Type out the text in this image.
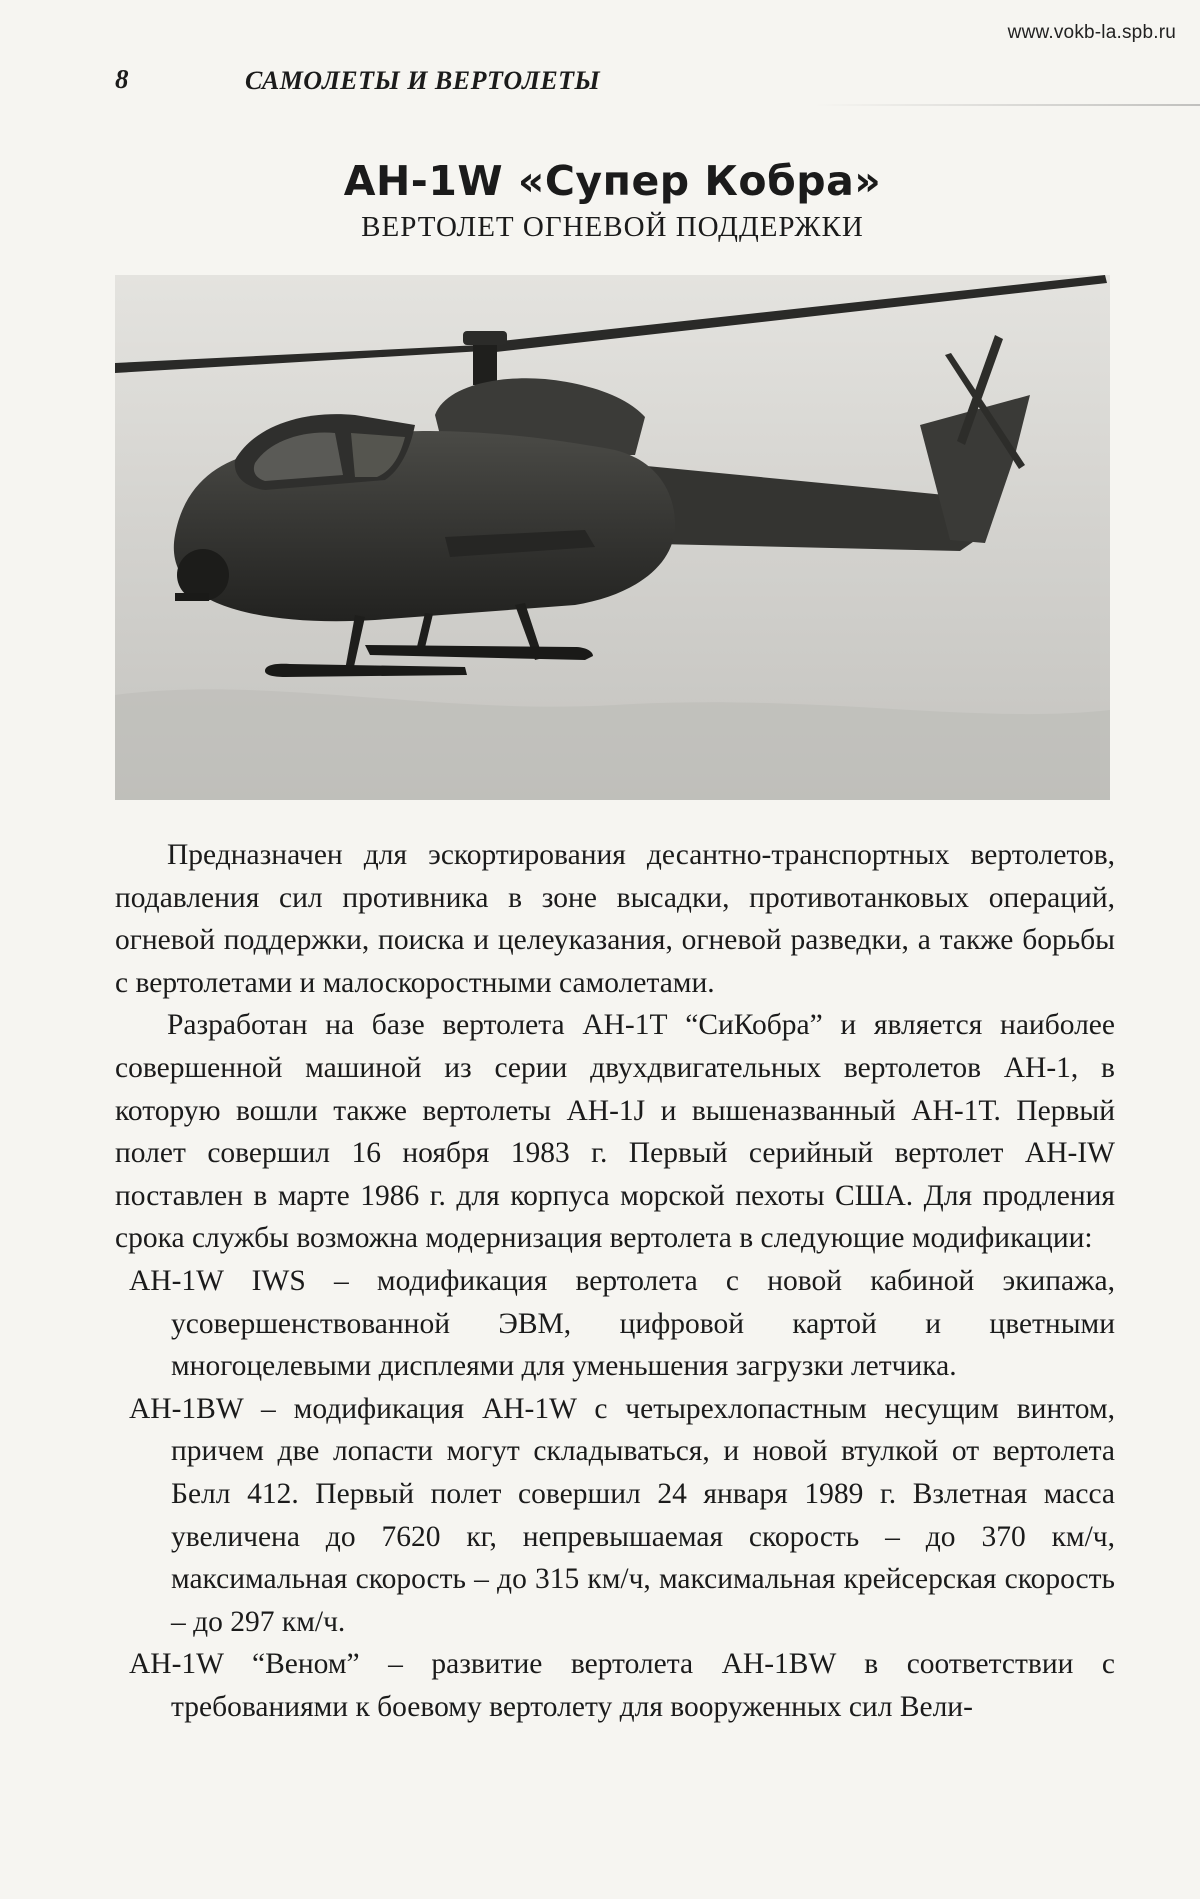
www.vokb-la.spb.ru
8	САМОЛЕТЫ И ВЕРТОЛЕТЫ
АН-1W «Супер Кобра»
ВЕРТОЛЕТ ОГНЕВОЙ ПОДДЕРЖКИ

Предназначен для эскортирования десантно-транспортных вертолетов, подавления сил противника в зоне высадки, противотанковых операций, огневой поддержки, поиска и целеуказания, огневой разведки, а также борьбы с вертолетами и малоскоростными самолетами.

Разработан на базе вертолета АН-1Т “СиКобра” и является наиболее совершенной машиной из серии двухдвигательных вертолетов АН-1, в которую вошли также вертолеты АН-1J и вышеназванный АН-1Т. Первый полет совершил 16 ноября 1983 г. Первый серийный вертолет AH-IW поставлен в марте 1986 г. для корпуса морской пехоты США. Для продления срока службы возможна модернизация вертолета в следующие модификации:

АН-1W IWS – модификация вертолета с новой кабиной экипажа, усовершенствованной ЭВМ, цифровой картой и цветными многоцелевыми дисплеями для уменьшения загрузки летчика.

АН-1BW – модификация АН-1W с четырехлопастным несущим винтом, причем две лопасти могут складываться, и новой втулкой от вертолета Белл 412. Первый полет совершил 24 января 1989 г. Взлетная масса увеличена до 7620 кг, непревышаемая скорость – до 370 км/ч, максимальная скорость – до 315 км/ч, максимальная крейсерская скорость – до 297 км/ч.

АН-1W “Веном” – развитие вертолета АН-1BW в соответствии с требованиями к боевому вертолету для вооруженных сил Вели-
